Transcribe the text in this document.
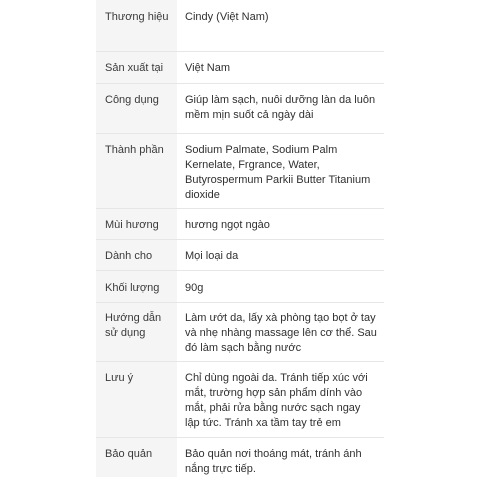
Thương hiệu	Cindy (Việt Nam)
Sản xuất tại	Việt Nam
Công dụng	Giúp làm sạch, nuôi dưỡng làn da luôn mềm mịn suốt cả ngày dài
Thành phần	Sodium Palmate, Sodium Palm Kernelate, Frgrance, Water, Butyrospermum Parkii Butter Titanium dioxide
Mùi hương	hương ngọt ngào
Dành cho	Mọi loại da
Khối lượng	90g
Hướng dẫn sử dụng	Làm ướt da, lấy xà phòng tạo bọt ở tay và nhẹ nhàng massage lên cơ thể. Sau đó làm sạch bằng nước
Lưu ý	Chỉ dùng ngoài da. Tránh tiếp xúc với mắt, trường hợp sản phẩm dính vào mắt, phải rửa bằng nước sạch ngay lập tức. Tránh xa tầm tay trẻ em
Bảo quản	Bảo quản nơi thoáng mát, tránh ánh nắng trực tiếp.
